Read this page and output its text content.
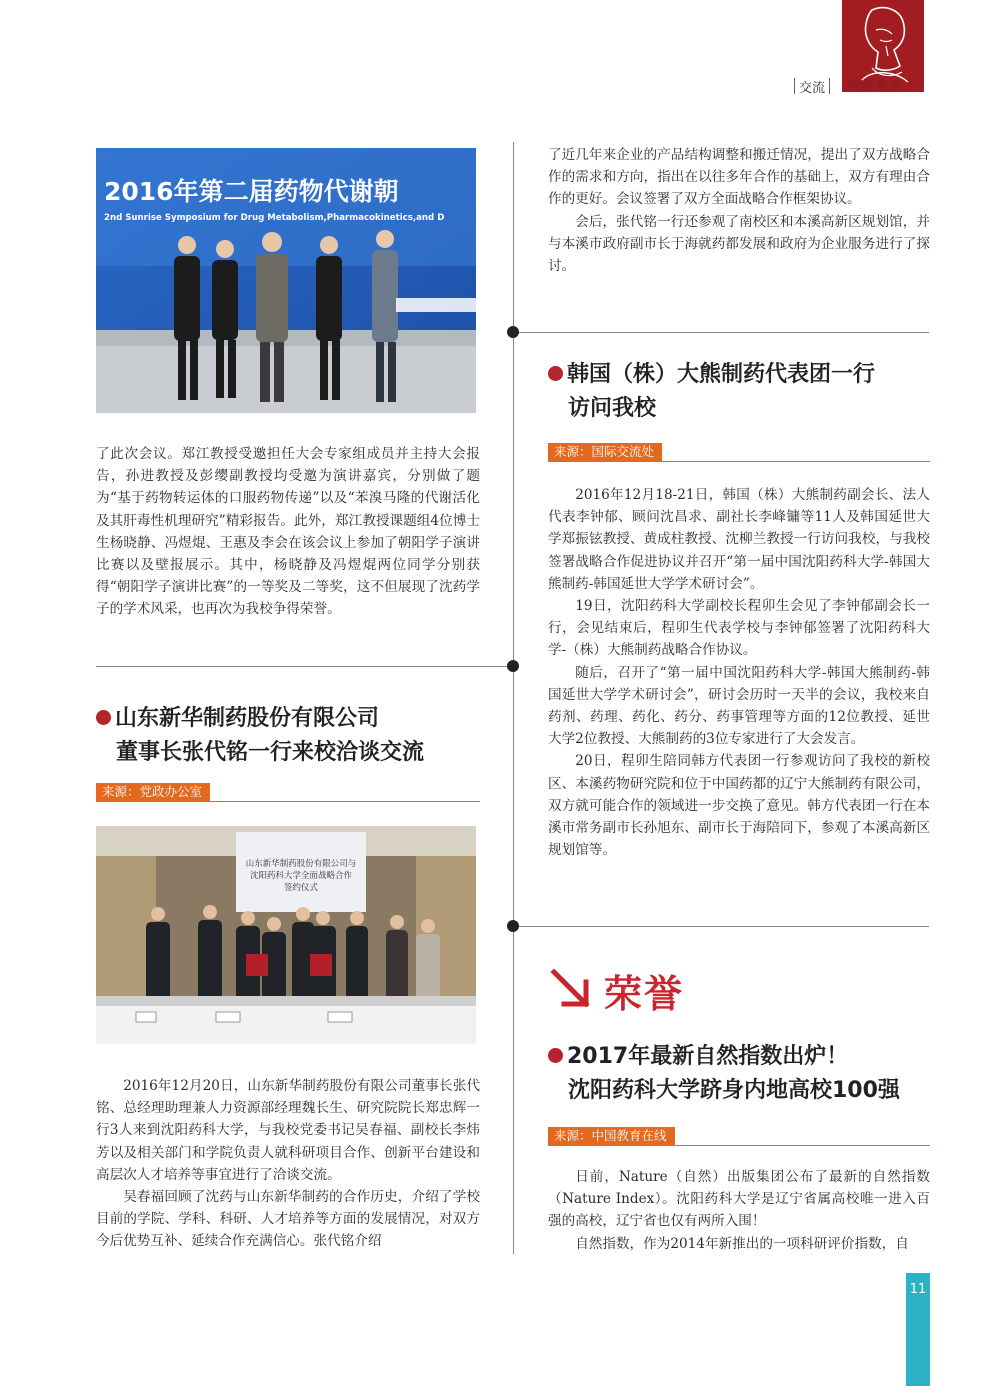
交流 無涯集志
2016年第二届药物代谢朝
2nd Sunrise Symposium for Drug Metabolism,Pharmacokinetics,and D

了此次会议。郑江教授受邀担任大会专家组成员并主持大会报告，孙进教授及彭缨副教授均受邀为演讲嘉宾，分别做了题为“基于药物转运体的口服药物传递”以及“苯溴马隆的代谢活化及其肝毒性机理研究”精彩报告。此外，郑江教授课题组4位博士生杨晓静、冯煜焜、王惠及李会在该会议上参加了朝阳学子演讲比赛以及壁报展示。其中，杨晓静及冯煜焜两位同学分别获得“朝阳学子演讲比赛”的一等奖及二等奖，这不但展现了沈药学子的学术风采，也再次为我校争得荣誉。

山东新华制药股份有限公司
董事长张代铭一行来校洽谈交流
来源：党政办公室
山东新华制药股份有限公司与
沈阳药科大学全面战略合作
签约仪式

2016年12月20日，山东新华制药股份有限公司董事长张代铭、总经理助理兼人力资源部经理魏长生、研究院院长郑忠辉一行3人来到沈阳药科大学，与我校党委书记吴春福、副校长李炜芳以及相关部门和学院负责人就科研项目合作、创新平台建设和高层次人才培养等事宜进行了洽谈交流。

吴春福回顾了沈药与山东新华制药的合作历史，介绍了学校目前的学院、学科、科研、人才培养等方面的发展情况，对双方今后优势互补、延续合作充满信心。张代铭介绍

了近几年来企业的产品结构调整和搬迁情况，提出了双方战略合作的需求和方向，指出在以往多年合作的基础上，双方有理由合作的更好。会议签署了双方全面战略合作框架协议。

会后，张代铭一行还参观了南校区和本溪高新区规划馆，并与本溪市政府副市长于海就药都发展和政府为企业服务进行了探讨。

韩国（株）大熊制药代表团一行
访问我校
来源：国际交流处

2016年12月18-21日，韩国（株）大熊制药副会长、法人代表李钟郁、顾问沈昌求、副社长李峰镛等11人及韩国延世大学郑振铉教授、黄成柱教授、沈柳兰教授一行访问我校，与我校签署战略合作促进协议并召开“第一届中国沈阳药科大学-韩国大熊制药-韩国延世大学学术研讨会”。

19日，沈阳药科大学副校长程卯生会见了李钟郁副会长一行，会见结束后，程卯生代表学校与李钟郁签署了沈阳药科大学-（株）大熊制药战略合作协议。

随后，召开了“第一届中国沈阳药科大学-韩国大熊制药-韩国延世大学学术研讨会”，研讨会历时一天半的会议，我校来自药剂、药理、药化、药分、药事管理等方面的12位教授、延世大学2位教授、大熊制药的3位专家进行了大会发言。

20日，程卯生陪同韩方代表团一行参观访问了我校的新校区、本溪药物研究院和位于中国药都的辽宁大熊制药有限公司，双方就可能合作的领域进一步交换了意见。韩方代表团一行在本溪市常务副市长孙旭东、副市长于海陪同下，参观了本溪高新区规划馆等。

荣誉
2017年最新自然指数出炉！
沈阳药科大学跻身内地高校100强
来源：中国教育在线

日前，Nature（自然）出版集团公布了最新的自然指数（Nature Index）。沈阳药科大学是辽宁省属高校唯一进入百强的高校，辽宁省也仅有两所入围！

自然指数，作为2014年新推出的一项科研评价指数，自

11
